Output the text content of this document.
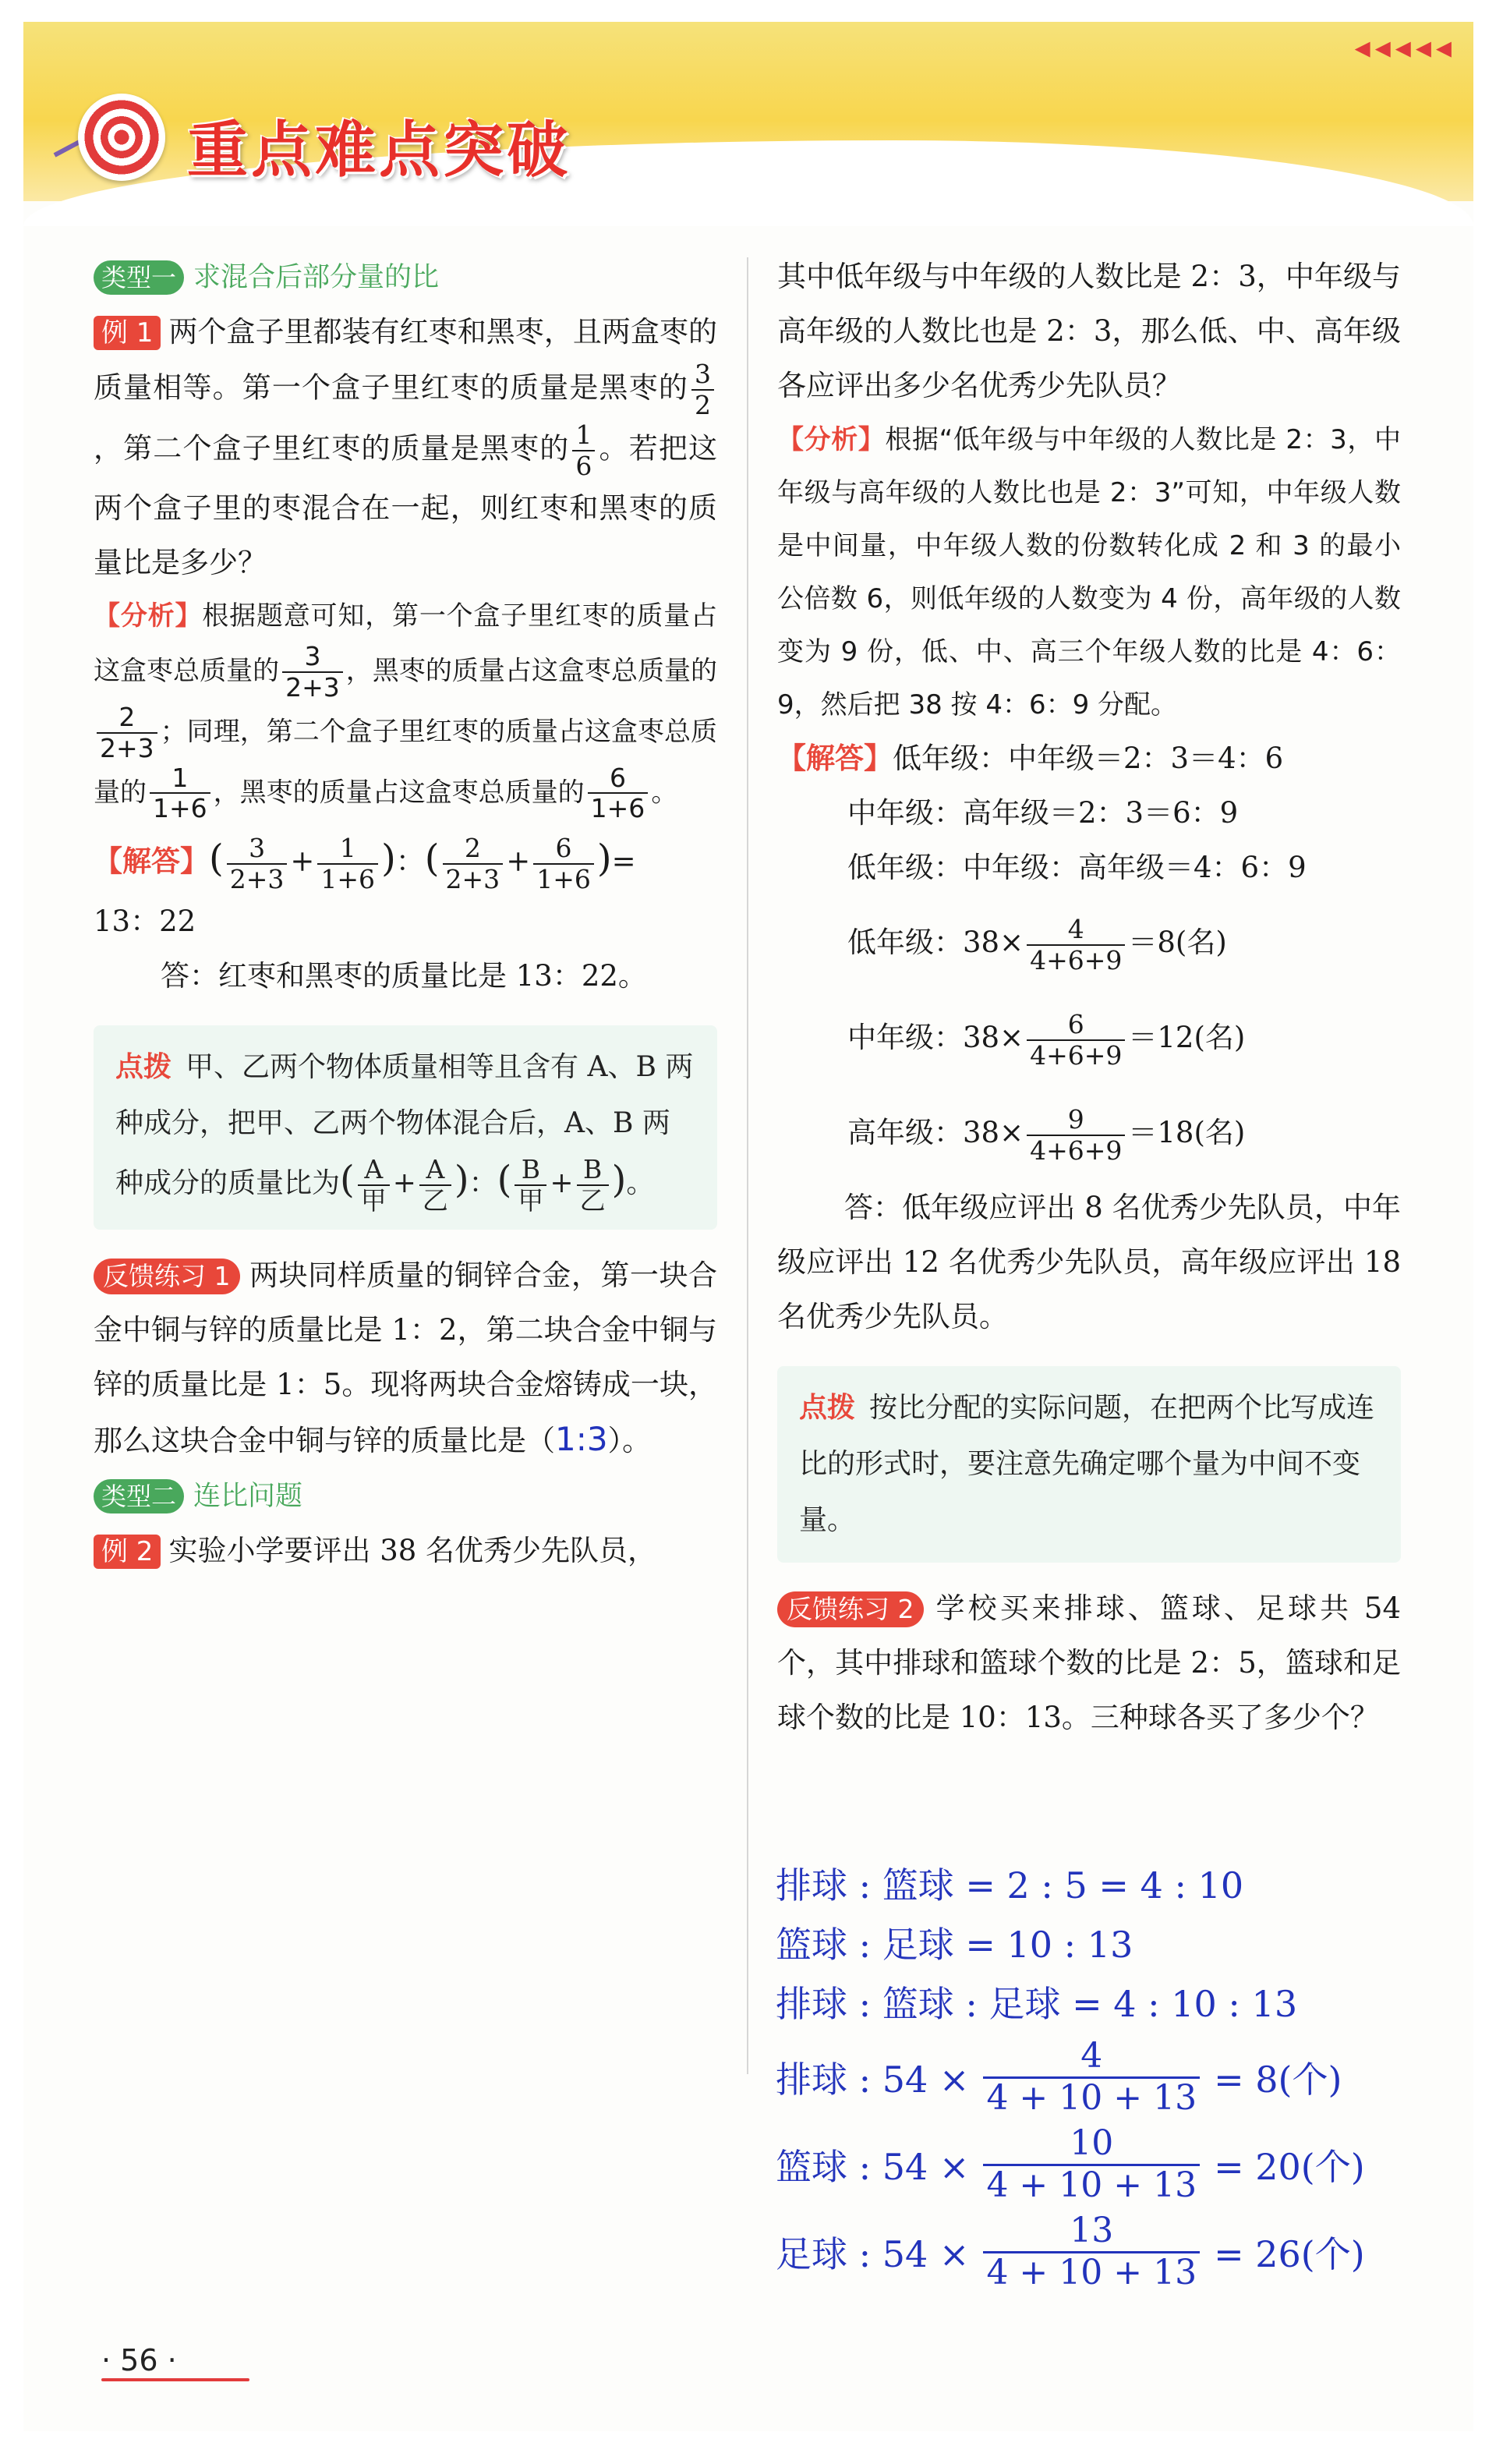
重点难点突破
◂◂◂◂◂

类型一 求混合后部分量的比

例 1 两个盒子里都装有红枣和黑枣，且两盒枣的质量相等。第一个盒子里红枣的质量是黑枣的 $\frac{3}{2}$
，第二个盒子里红枣的质量是黑枣的 $\frac{1}{6}$ 。若把这两个盒子里的枣混合在一起，则红枣和黑枣的质量比是多少？

【分析】根据题意可知，第一个盒子里红枣的质量占这盒枣总质量的 $\frac{3}{2+3}$ ，黑枣的质量占这盒枣总质量的
$\frac{2}{2+3}$ ；同理，第二个盒子里红枣的质量占这盒枣总质量的 $\frac{1}{1+6}$ ，黑枣的质量占这盒枣总质量的 $\frac{6}{1+6}$ 。

【解答】( $\frac{3}{2+3} + \frac{1}{1+6}$ )：( $\frac{2}{2+3} + \frac{6}{1+6}$ )=

13：22

答：红枣和黑枣的质量比是 13：22。

点拨 甲、乙两个物体质量相等且含有 A、B 两种成分，把甲、乙两个物体混合后，A、B 两种成分的质量比为( $\frac{A}{\text{甲}} + \frac{A}{\text{乙}}$ )：( $\frac{B}{\text{甲}} + \frac{B}{\text{乙}}$ )。

反馈练习 1 两块同样质量的铜锌合金，第一块合金中铜与锌的质量比是 1：2，第二块合金中铜与锌的质量比是 1：5。现将两块合金熔铸成一块，那么这块合金中铜与锌的质量比是（1:3）。

类型二 连比问题

例 2 实验小学要评出 38 名优秀少先队员，

其中低年级与中年级的人数比是 2：3，中年级与高年级的人数比也是 2：3，那么低、中、高年级各应评出多少名优秀少先队员？

【分析】根据“低年级与中年级的人数比是 2：3，中年级与高年级的人数比也是 2：3”可知，中年级人数是中间量，中年级人数的份数转化成 2 和 3 的最小公倍数 6，则低年级的人数变为 4 份，高年级的人数变为 9 份，低、中、高三个年级人数的比是 4：6：9，然后把 38 按 4：6：9 分配。

【解答】低年级：中年级＝2：3＝4：6

中年级：高年级＝2：3＝6：9

低年级：中年级：高年级＝4：6：9

低年级：$38\times \frac{4}{4+6+9} =8$(名)

中年级：$38\times \frac{6}{4+6+9} =12$(名)

高年级：$38\times \frac{9}{4+6+9} =18$(名)

答：低年级应评出 8 名优秀少先队员，中年级应评出 12 名优秀少先队员，高年级应评出 18 名优秀少先队员。

点拨 按比分配的实际问题，在把两个比写成连比的形式时，要注意先确定哪个量为中间不变量。

反馈练习 2 学校买来排球、篮球、足球共 54 个，其中排球和篮球个数的比是 2：5，篮球和足球个数的比是 10：13。三种球各买了多少个？

排球 : 篮球 = 2 : 5 = 4 : 10
篮球 : 足球 = 10 : 13
排球 : 篮球 : 足球 = 4 : 10 : 13
排球 : $54 \times \frac{4}{4 + 10 + 13} = 8$(个)
篮球 : $54 \times \frac{10}{4 + 10 + 13} = 20$(个)
足球 : $54 \times \frac{13}{4 + 10 + 13} = 26$(个)
· 56 ·
